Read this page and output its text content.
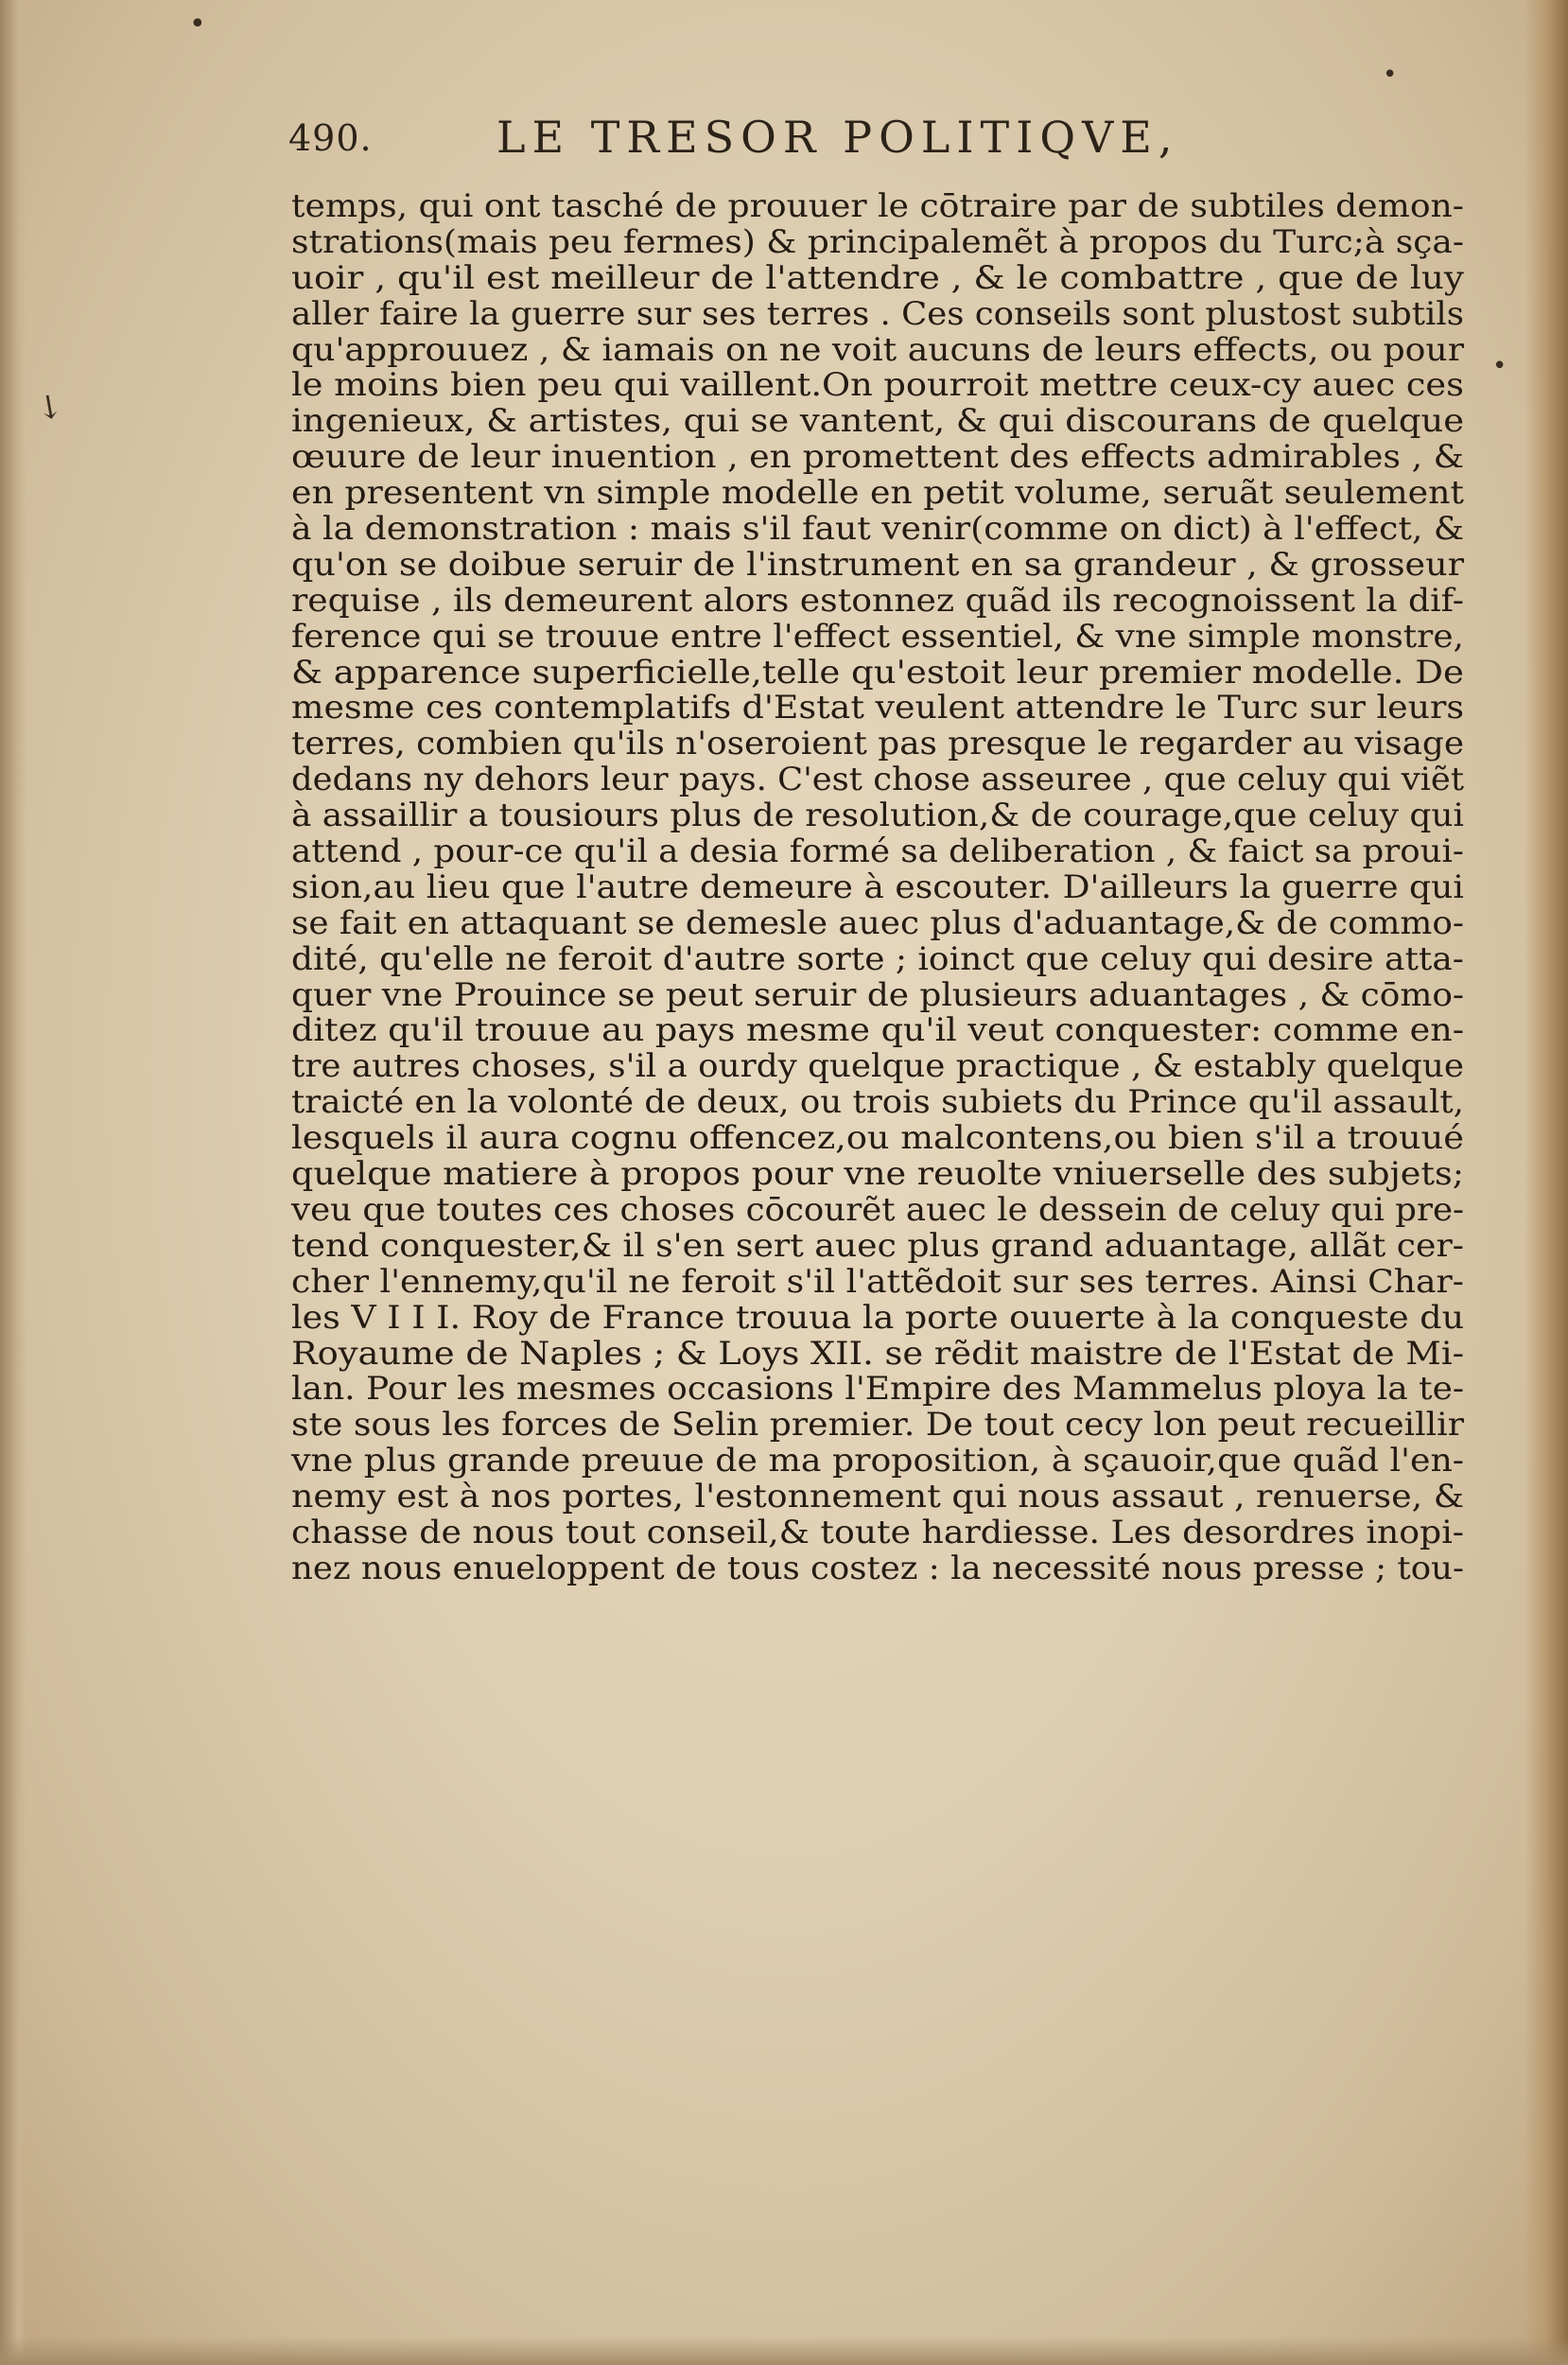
•
•
•
↘
490.	LE TRESOR POLITIQVE,
temps, qui ont tasché de prouuer le cōtraire par de subtiles demon-
strations(mais peu fermes) & principalemẽt à propos du Turc;à sça-
uoir , qu'il est meilleur de l'attendre , & le combattre , que de luy
aller faire la guerre sur ses terres . Ces conseils sont plustost subtils
qu'approuuez , & iamais on ne voit aucuns de leurs effects, ou pour
le moins bien peu qui vaillent.On pourroit mettre ceux-cy auec ces
ingenieux, & artistes, qui se vantent, & qui discourans de quelque
œuure de leur inuention , en promettent des effects admirables , &
en presentent vn simple modelle en petit volume, seruãt seulement
à la demonstration : mais s'il faut venir(comme on dict) à l'effect, &
qu'on se doibue seruir de l'instrument en sa grandeur , & grosseur
requise , ils demeurent alors estonnez quãd ils recognoissent la dif-
ference qui se trouue entre l'effect essentiel, & vne simple monstre,
& apparence superficielle,telle qu'estoit leur premier modelle. De
mesme ces contemplatifs d'Estat veulent attendre le Turc sur leurs
terres, combien qu'ils n'oseroient pas presque le regarder au visage
dedans ny dehors leur pays. C'est chose asseuree , que celuy qui viẽt
à assaillir a tousiours plus de resolution,& de courage,que celuy qui
attend , pour-ce qu'il a desia formé sa deliberation , & faict sa proui-
sion,au lieu que l'autre demeure à escouter. D'ailleurs la guerre qui
se fait en attaquant se demesle auec plus d'aduantage,& de commo-
dité, qu'elle ne feroit d'autre sorte ; ioinct que celuy qui desire atta-
quer vne Prouince se peut seruir de plusieurs aduantages , & cōmo-
ditez qu'il trouue au pays mesme qu'il veut conquester: comme en-
tre autres choses, s'il a ourdy quelque practique , & estably quelque
traicté en la volonté de deux, ou trois subiets du Prince qu'il assault,
lesquels il aura cognu offencez,ou malcontens,ou bien s'il a trouué
quelque matiere à propos pour vne reuolte vniuerselle des subjets;
veu que toutes ces choses cōcourẽt auec le dessein de celuy qui pre-
tend conquester,& il s'en sert auec plus grand aduantage, allãt cer-
cher l'ennemy,qu'il ne feroit s'il l'attẽdoit sur ses terres. Ainsi Char-
les V I I I. Roy de France trouua la porte ouuerte à la conqueste du
Royaume de Naples ; & Loys XII. se rẽdit maistre de l'Estat de Mi-
lan. Pour les mesmes occasions l'Empire des Mammelus ploya la te-
ste sous les forces de Selin premier. De tout cecy lon peut recueillir
vne plus grande preuue de ma proposition, à sçauoir,que quãd l'en-
nemy est à nos portes, l'estonnement qui nous assaut , renuerse, &
chasse de nous tout conseil,& toute hardiesse. Les desordres inopi-
nez nous enueloppent de tous costez : la necessité nous presse ; tou-
